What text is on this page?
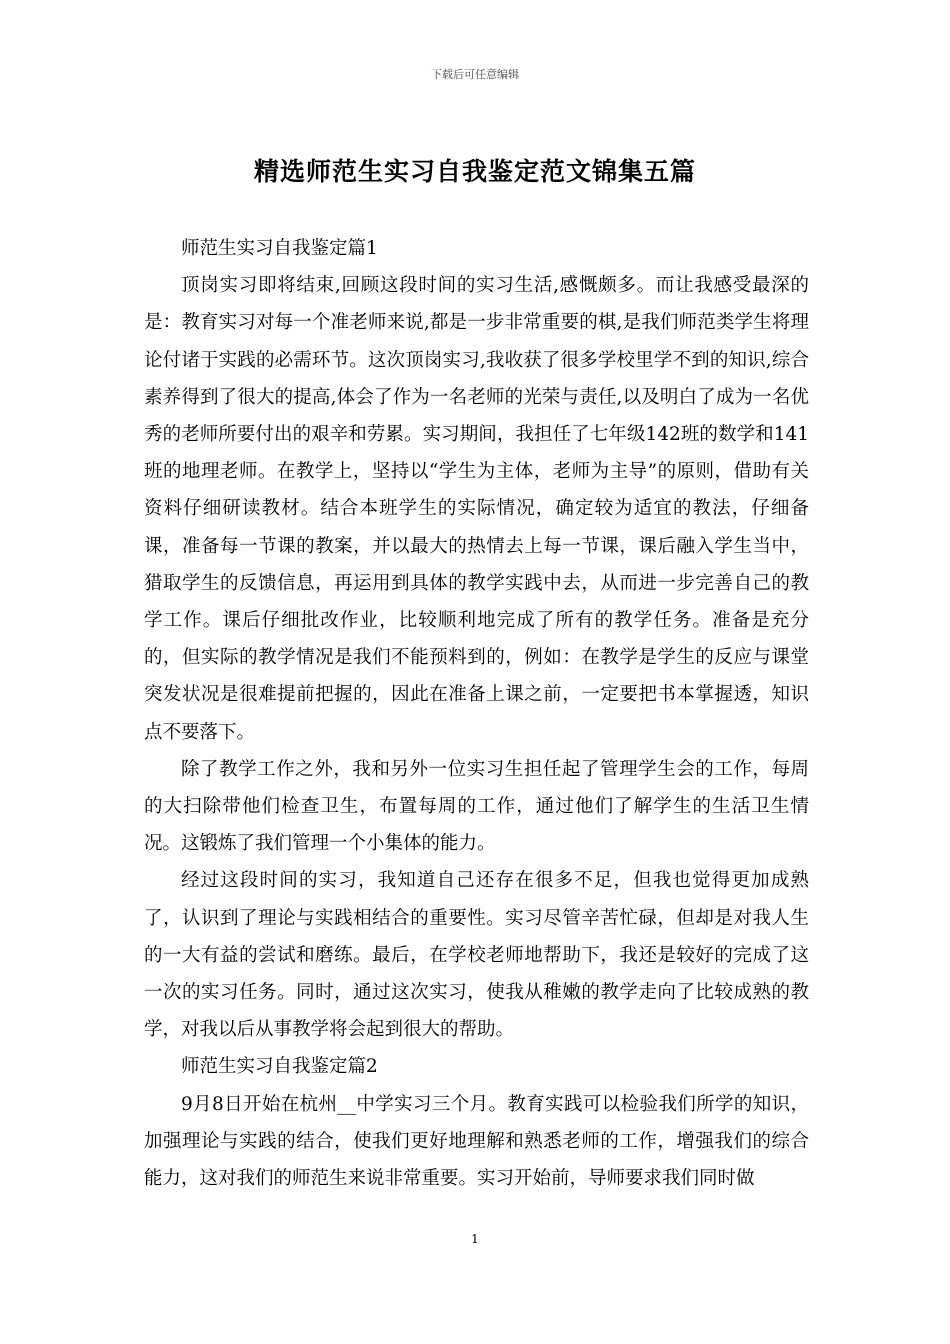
下载后可任意编辑
精选师范生实习自我鉴定范文锦集五篇

师范生实习自我鉴定篇1

顶岗实习即将结束,回顾这段时间的实习生活,感慨颇多。而让我感受最深的是：教育实习对每一个准老师来说,都是一步非常重要的棋,是我们师范类学生将理论付诸于实践的必需环节。这次顶岗实习,我收获了很多学校里学不到的知识,综合素养得到了很大的提高,体会了作为一名老师的光荣与责任,以及明白了成为一名优秀的老师所要付出的艰辛和劳累。实习期间，我担任了七年级142班的数学和141班的地理老师。在教学上，坚持以“学生为主体，老师为主导”的原则，借助有关资料仔细研读教材。结合本班学生的实际情况，确定较为适宜的教法，仔细备课，准备每一节课的教案，并以最大的热情去上每一节课，课后融入学生当中，猎取学生的反馈信息，再运用到具体的教学实践中去，从而进一步完善自己的教学工作。课后仔细批改作业，比较顺利地完成了所有的教学任务。准备是充分的，但实际的教学情况是我们不能预料到的，例如：在教学是学生的反应与课堂突发状况是很难提前把握的，因此在准备上课之前，一定要把书本掌握透，知识点不要落下。

除了教学工作之外，我和另外一位实习生担任起了管理学生会的工作，每周的大扫除带他们检查卫生，布置每周的工作，通过他们了解学生的生活卫生情况。这锻炼了我们管理一个小集体的能力。

经过这段时间的实习，我知道自己还存在很多不足，但我也觉得更加成熟了，认识到了理论与实践相结合的重要性。实习尽管辛苦忙碌，但却是对我人生的一大有益的尝试和磨练。最后，在学校老师地帮助下，我还是较好的完成了这一次的实习任务。同时，通过这次实习，使我从稚嫩的教学走向了比较成熟的教学，对我以后从事教学将会起到很大的帮助。

师范生实习自我鉴定篇2

9月8日开始在杭州__中学实习三个月。教育实践可以检验我们所学的知识，加强理论与实践的结合，使我们更好地理解和熟悉老师的工作，增强我们的综合能力，这对我们的师范生来说非常重要。实习开始前，导师要求我们同时做

1
